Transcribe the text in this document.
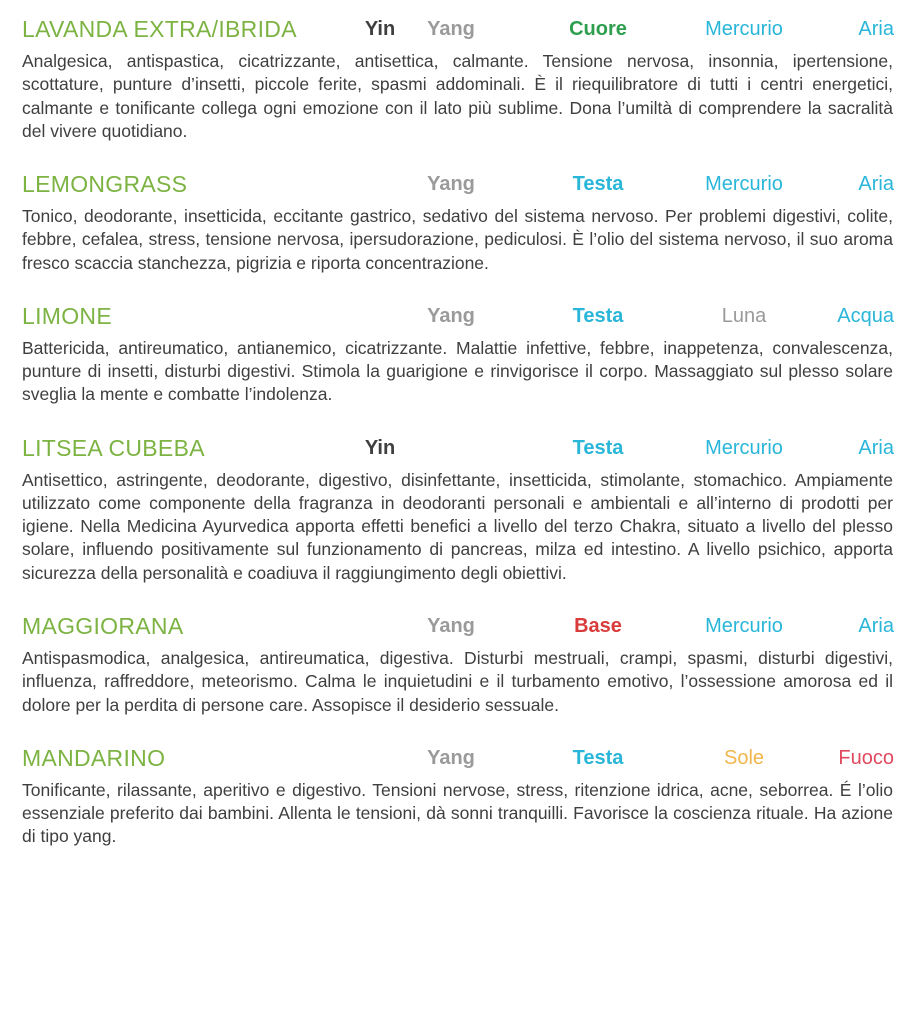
LAVANDA EXTRA/IBRIDA	Yin	Yang	Cuore	Mercurio	Aria

Analgesica, antispastica, cicatrizzante, antisettica, calmante. Tensione nervosa, insonnia, ipertensione, scottature, punture d’insetti, piccole ferite, spasmi addominali. È il riequilibratore di tutti i centri energetici, calmante e tonificante collega ogni emozione con il lato più sublime. Dona l’umiltà di comprendere la sacralità del vivere quotidiano.

LEMONGRASS	Yang	Testa	Mercurio	Aria

Tonico, deodorante, insetticida, eccitante gastrico, sedativo del sistema nervoso. Per problemi digestivi, colite, febbre, cefalea, stress, tensione nervosa, ipersudorazione, pediculosi. È l’olio del sistema nervoso, il suo aroma fresco scaccia stanchezza, pigrizia e riporta concentrazione.

LIMONE	Yang	Testa	Luna	Acqua

Battericida, antireumatico, antianemico, cicatrizzante. Malattie infettive, febbre, inappetenza, convalescenza, punture di insetti, disturbi digestivi. Stimola la guarigione e rinvigorisce il corpo. Massaggiato sul plesso solare sveglia la mente e combatte l’indolenza.

LITSEA CUBEBA	Yin	Testa	Mercurio	Aria

Antisettico, astringente, deodorante, digestivo, disinfettante, insetticida, stimolante, stomachico. Ampiamente utilizzato come componente della fragranza in deodoranti personali e ambientali e all’interno di prodotti per igiene. Nella Medicina Ayurvedica apporta effetti benefici a livello del terzo Chakra, situato a livello del plesso solare, influendo positivamente sul funzionamento di pancreas, milza ed intestino. A livello psichico, apporta sicurezza della personalità e coadiuva il raggiungimento degli obiettivi.

MAGGIORANA	Yang	Base	Mercurio	Aria

Antispasmodica, analgesica, antireumatica, digestiva. Disturbi mestruali, crampi, spasmi, disturbi digestivi, influenza, raffreddore, meteorismo. Calma le inquietudini e il turbamento emotivo, l’ossessione amorosa ed il dolore per la perdita di persone care. Assopisce il desiderio sessuale.

MANDARINO	Yang	Testa	Sole	Fuoco

Tonificante, rilassante, aperitivo e digestivo. Tensioni nervose, stress, ritenzione idrica, acne, seborrea. É l’olio essenziale preferito dai bambini. Allenta le tensioni, dà sonni tranquilli. Favorisce la coscienza rituale. Ha azione di tipo yang.
